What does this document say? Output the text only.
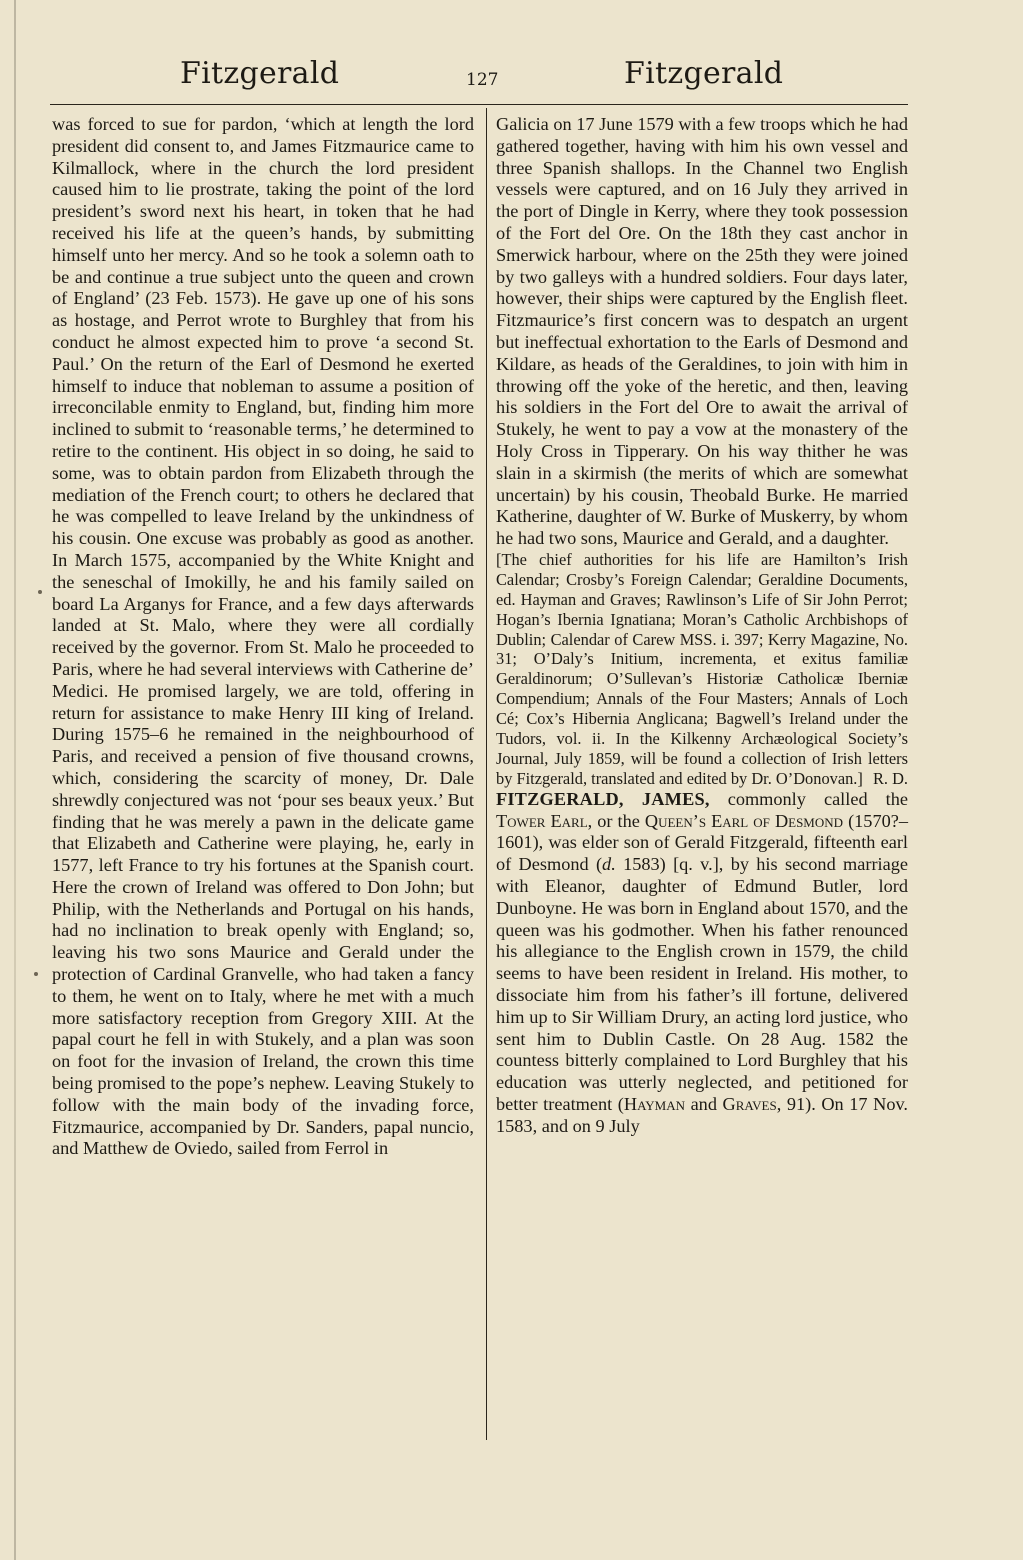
Fitzgerald	127	Fitzgerald

was forced to sue for pardon, ‘which at length the lord president did consent to, and James Fitzmaurice came to Kilmallock, where in the church the lord president caused him to lie prostrate, taking the point of the lord president’s sword next his heart, in token that he had received his life at the queen’s hands, by submitting himself unto her mercy. And so he took a solemn oath to be and continue a true subject unto the queen and crown of England’ (23 Feb. 1573). He gave up one of his sons as hostage, and Perrot wrote to Burghley that from his conduct he almost expected him to prove ‘a second St. Paul.’ On the return of the Earl of Desmond he exerted himself to induce that nobleman to assume a position of irreconcilable enmity to England, but, finding him more inclined to submit to ‘reasonable terms,’ he determined to retire to the continent. His object in so doing, he said to some, was to obtain pardon from Elizabeth through the mediation of the French court; to others he declared that he was compelled to leave Ireland by the unkindness of his cousin. One excuse was probably as good as another. In March 1575, accompanied by the White Knight and the seneschal of Imokilly, he and his family sailed on board La Arganys for France, and a few days afterwards landed at St. Malo, where they were all cordially received by the governor. From St. Malo he proceeded to Paris, where he had several interviews with Catherine de’ Medici. He promised largely, we are told, offering in return for assistance to make Henry III king of Ireland. During 1575–6 he remained in the neighbourhood of Paris, and received a pension of five thousand crowns, which, considering the scarcity of money, Dr. Dale shrewdly conjectured was not ‘pour ses beaux yeux.’ But finding that he was merely a pawn in the delicate game that Elizabeth and Catherine were playing, he, early in 1577, left France to try his fortunes at the Spanish court. Here the crown of Ireland was offered to Don John; but Philip, with the Netherlands and Portugal on his hands, had no inclination to break openly with England; so, leaving his two sons Maurice and Gerald under the protection of Cardinal Granvelle, who had taken a fancy to them, he went on to Italy, where he met with a much more satisfactory reception from Gregory XIII. At the papal court he fell in with Stukely, and a plan was soon on foot for the invasion of Ireland, the crown this time being promised to the pope’s nephew. Leaving Stukely to follow with the main body of the invading force, Fitzmaurice, accompanied by Dr. Sanders, papal nuncio, and Matthew de Oviedo, sailed from Ferrol in

Galicia on 17 June 1579 with a few troops which he had gathered together, having with him his own vessel and three Spanish shallops. In the Channel two English vessels were captured, and on 16 July they arrived in the port of Dingle in Kerry, where they took possession of the Fort del Ore. On the 18th they cast anchor in Smerwick harbour, where on the 25th they were joined by two galleys with a hundred soldiers. Four days later, however, their ships were captured by the English fleet. Fitzmaurice’s first concern was to despatch an urgent but ineffectual exhortation to the Earls of Desmond and Kildare, as heads of the Geraldines, to join with him in throwing off the yoke of the heretic, and then, leaving his soldiers in the Fort del Ore to await the arrival of Stukely, he went to pay a vow at the monastery of the Holy Cross in Tipperary. On his way thither he was slain in a skirmish (the merits of which are somewhat uncertain) by his cousin, Theobald Burke. He married Katherine, daughter of W. Burke of Muskerry, by whom he had two sons, Maurice and Gerald, and a daughter.

[The chief authorities for his life are Hamilton’s Irish Calendar; Crosby’s Foreign Calendar; Geraldine Documents, ed. Hayman and Graves; Rawlinson’s Life of Sir John Perrot; Hogan’s Ibernia Ignatiana; Moran’s Catholic Archbishops of Dublin; Calendar of Carew MSS. i. 397; Kerry Magazine, No. 31; O’Daly’s Initium, incrementa, et exitus familiæ Geraldinorum; O’Sullevan’s Historiæ Catholicæ Iberniæ Compendium; Annals of the Four Masters; Annals of Loch Cé; Cox’s Hibernia Anglicana; Bagwell’s Ireland under the Tudors, vol. ii. In the Kilkenny Archæological Society’s Journal, July 1859, will be found a collection of Irish letters by Fitzgerald, translated and edited by Dr. O’Donovan.] R. D.

FITZGERALD, JAMES, commonly called the Tower Earl, or the Queen’s Earl of Desmond (1570?–1601), was elder son of Gerald Fitzgerald, fifteenth earl of Desmond (d. 1583) [q. v.], by his second marriage with Eleanor, daughter of Edmund Butler, lord Dunboyne. He was born in England about 1570, and the queen was his godmother. When his father renounced his allegiance to the English crown in 1579, the child seems to have been resident in Ireland. His mother, to dissociate him from his father’s ill fortune, delivered him up to Sir William Drury, an acting lord justice, who sent him to Dublin Castle. On 28 Aug. 1582 the countess bitterly complained to Lord Burghley that his education was utterly neglected, and petitioned for better treatment (Hayman and Graves, 91). On 17 Nov. 1583, and on 9 July
